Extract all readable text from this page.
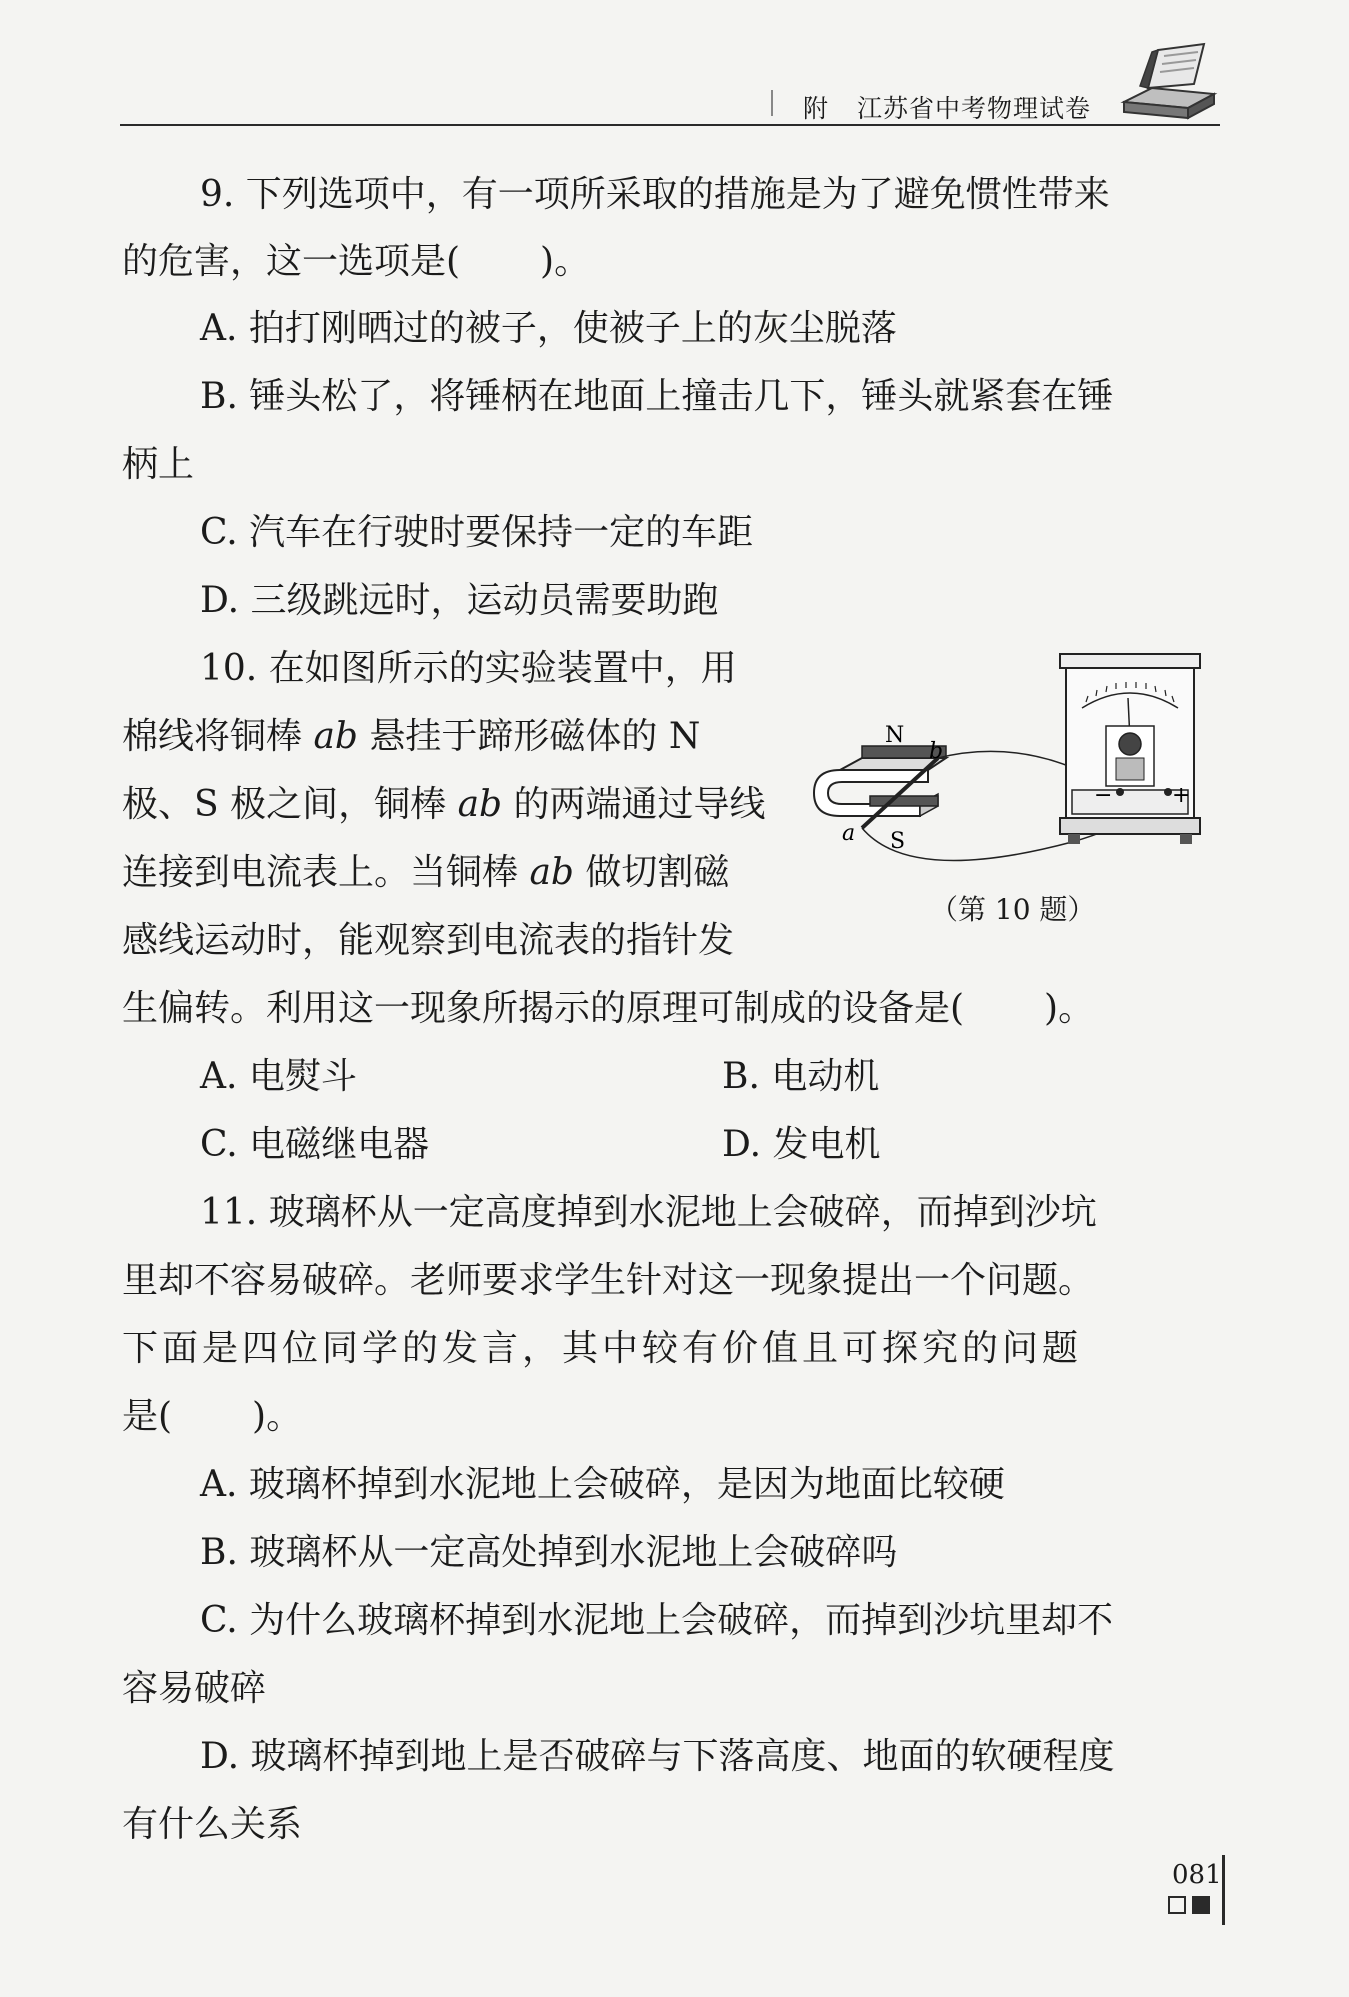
附 江苏省中考物理试卷
9. 下列选项中，有一项所采取的措施是为了避免惯性带来
的危害，这一选项是( )。
A. 拍打刚晒过的被子，使被子上的灰尘脱落
B. 锤头松了，将锤柄在地面上撞击几下，锤头就紧套在锤
柄上
C. 汽车在行驶时要保持一定的车距
D. 三级跳远时，运动员需要助跑
10. 在如图所示的实验装置中，用
棉线将铜棒 ab 悬挂于蹄形磁体的 N
极、S 极之间，铜棒 ab 的两端通过导线
连接到电流表上。当铜棒 ab 做切割磁
感线运动时，能观察到电流表的指针发
生偏转。利用这一现象所揭示的原理可制成的设备是( )。
A. 电熨斗	B. 电动机
C. 电磁继电器	D. 发电机
N
b
a S
−	+
（第 10 题）
11. 玻璃杯从一定高度掉到水泥地上会破碎，而掉到沙坑
里却不容易破碎。老师要求学生针对这一现象提出一个问题。
下面是四位同学的发言，其中较有价值且可探究的问题
是( )。
A. 玻璃杯掉到水泥地上会破碎，是因为地面比较硬
B. 玻璃杯从一定高处掉到水泥地上会破碎吗
C. 为什么玻璃杯掉到水泥地上会破碎，而掉到沙坑里却不
容易破碎
D. 玻璃杯掉到地上是否破碎与下落高度、地面的软硬程度
有什么关系
081
